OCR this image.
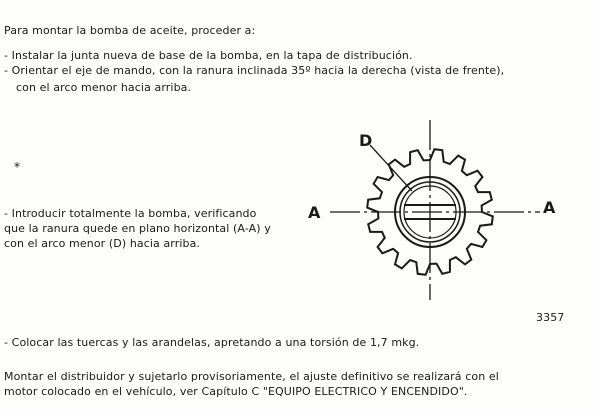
Para montar la bomba de aceite, proceder a:

- Instalar la junta nueva de base de la bomba, en la tapa de distribución.

- Orientar el eje de mando, con la ranura inclinada 35º hacia la derecha (vista de frente),

con el arco menor hacia arriba.

*

- Introducir totalmente la bomba, verificando que la ranura quede en plano horizontal (A-A) y con el arco menor (D) hacia arriba.

D
A	A

3357

- Colocar las tuercas y las arandelas, apretando a una torsión de 1,7 mkg.

Montar el distribuidor y sujetarlo provisoriamente, el ajuste definitivo se realizará con el

motor colocado en el vehículo, ver Capítulo C "EQUIPO ELECTRICO Y ENCENDIDO".
